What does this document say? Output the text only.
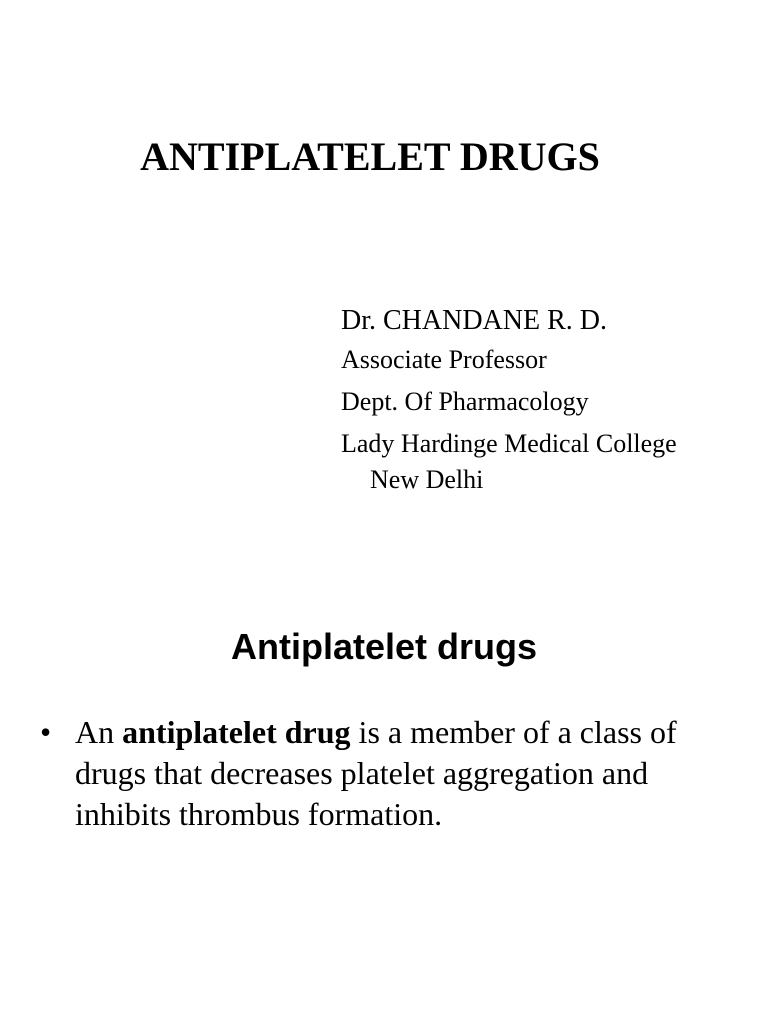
ANTIPLATELET DRUGS
Dr. CHANDANE R. D.
Associate Professor
Dept. Of Pharmacology
Lady Hardinge Medical College
New Delhi
Antiplatelet drugs
• An antiplatelet drug is a member of a class of drugs that decreases platelet aggregation and inhibits thrombus formation.
